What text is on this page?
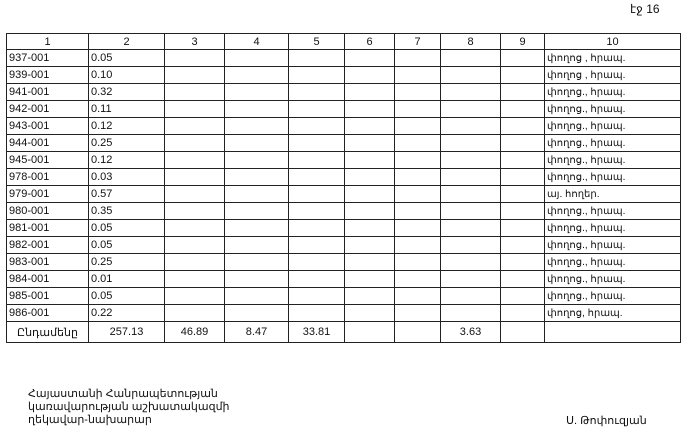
էջ 16
1	2	3	4	5	6	7	8	9	10
937-001	0.05								փողոց , հրապ.
939-001	0.10								փողոց , հրապ.
941-001	0.32								փողոց., հրապ.
942-001	0.11								փողոց., հրապ.
943-001	0.12								փողոց., հրապ.
944-001	0.25								փողոց., հրապ.
945-001	0.12								փողոց., հրապ.
978-001	0.03								փողոց., հրապ.
979-001	0.57								այ. հողեր.
980-001	0.35								փողոց., հրապ.
981-001	0.05								փողոց., հրապ.
982-001	0.05								փողոց., հրապ.
983-001	0.25								փողոց., հրապ.
984-001	0.01								փողոց., հրապ.
985-001	0.05								փողոց., հրապ.
986-001	0.22								փողոց, հրապ.
Ընդամենը	257.13	46.89	8.47	33.81			3.63		
Հայաստանի Հանրապետության
կառավարության աշխատակազմի
ղեկավար-նախարար	Ս. Թոփուզյան
